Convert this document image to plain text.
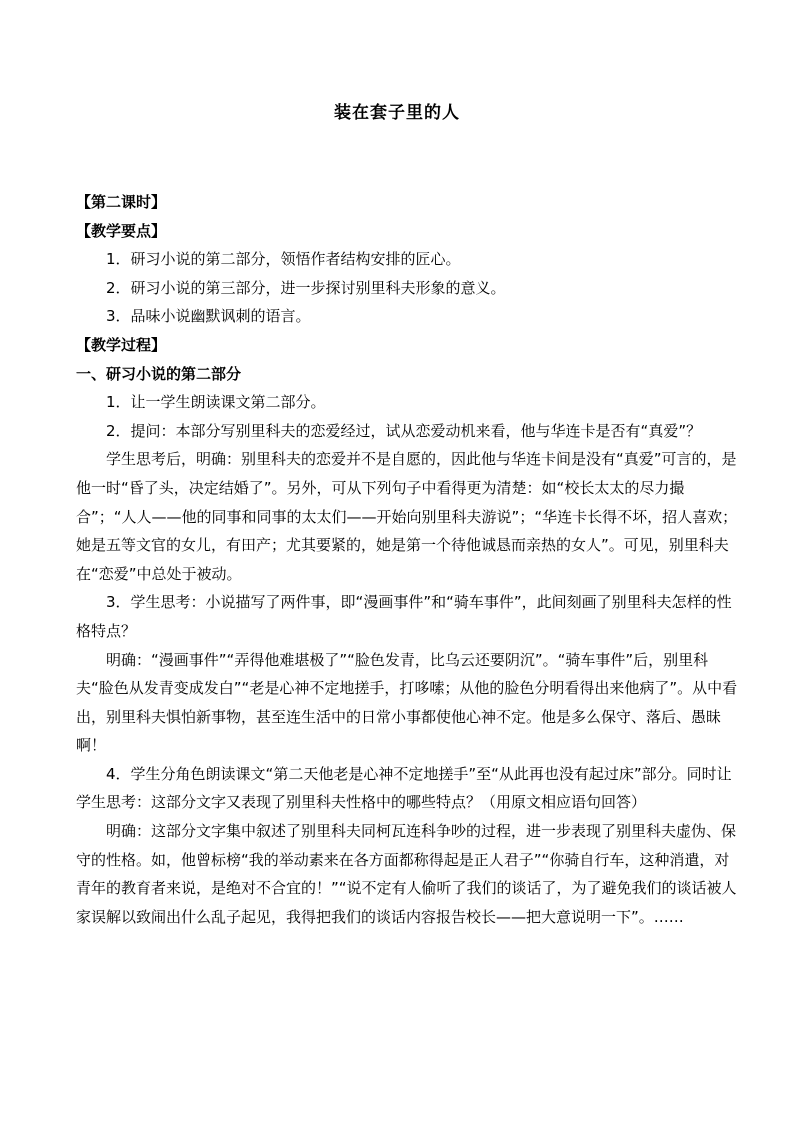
装在套子里的人

【第二课时】

【教学要点】

1．研习小说的第二部分，领悟作者结构安排的匠心。

2．研习小说的第三部分，进一步探讨别里科夫形象的意义。

3．品味小说幽默讽刺的语言。

【教学过程】

一、研习小说的第二部分

1．让一学生朗读课文第二部分。

2．提问：本部分写别里科夫的恋爱经过，试从恋爱动机来看，他与华连卡是否有“真爱”？

学生思考后，明确：别里科夫的恋爱并不是自愿的，因此他与华连卡间是没有“真爱”可言的，是他一时“昏了头，决定结婚了”。另外，可从下列句子中看得更为清楚：如“校长太太的尽力撮合”；“人人——他的同事和同事的太太们——开始向别里科夫游说”；“华连卡长得不坏，招人喜欢；她是五等文官的女儿，有田产；尤其要紧的，她是第一个待他诚恳而亲热的女人”。可见，别里科夫在“恋爱”中总处于被动。

3．学生思考：小说描写了两件事，即“漫画事件”和“骑车事件”，此间刻画了别里科夫怎样的性格特点？

明确：“漫画事件”“弄得他难堪极了”“脸色发青，比乌云还要阴沉”。“骑车事件”后，别里科夫“脸色从发青变成发白”“老是心神不定地搓手，打哆嗦；从他的脸色分明看得出来他病了”。从中看出，别里科夫惧怕新事物，甚至连生活中的日常小事都使他心神不定。他是多么保守、落后、愚昧啊！

4．学生分角色朗读课文“第二天他老是心神不定地搓手”至“从此再也没有起过床”部分。同时让学生思考：这部分文字又表现了别里科夫性格中的哪些特点？（用原文相应语句回答）

明确：这部分文字集中叙述了别里科夫同柯瓦连科争吵的过程，进一步表现了别里科夫虚伪、保守的性格。如，他曾标榜“我的举动素来在各方面都称得起是正人君子”“你骑自行车，这种消遣，对青年的教育者来说，是绝对不合宜的！”“说不定有人偷听了我们的谈话了，为了避免我们的谈话被人家误解以致闹出什么乱子起见，我得把我们的谈话内容报告校长——把大意说明一下”。……
